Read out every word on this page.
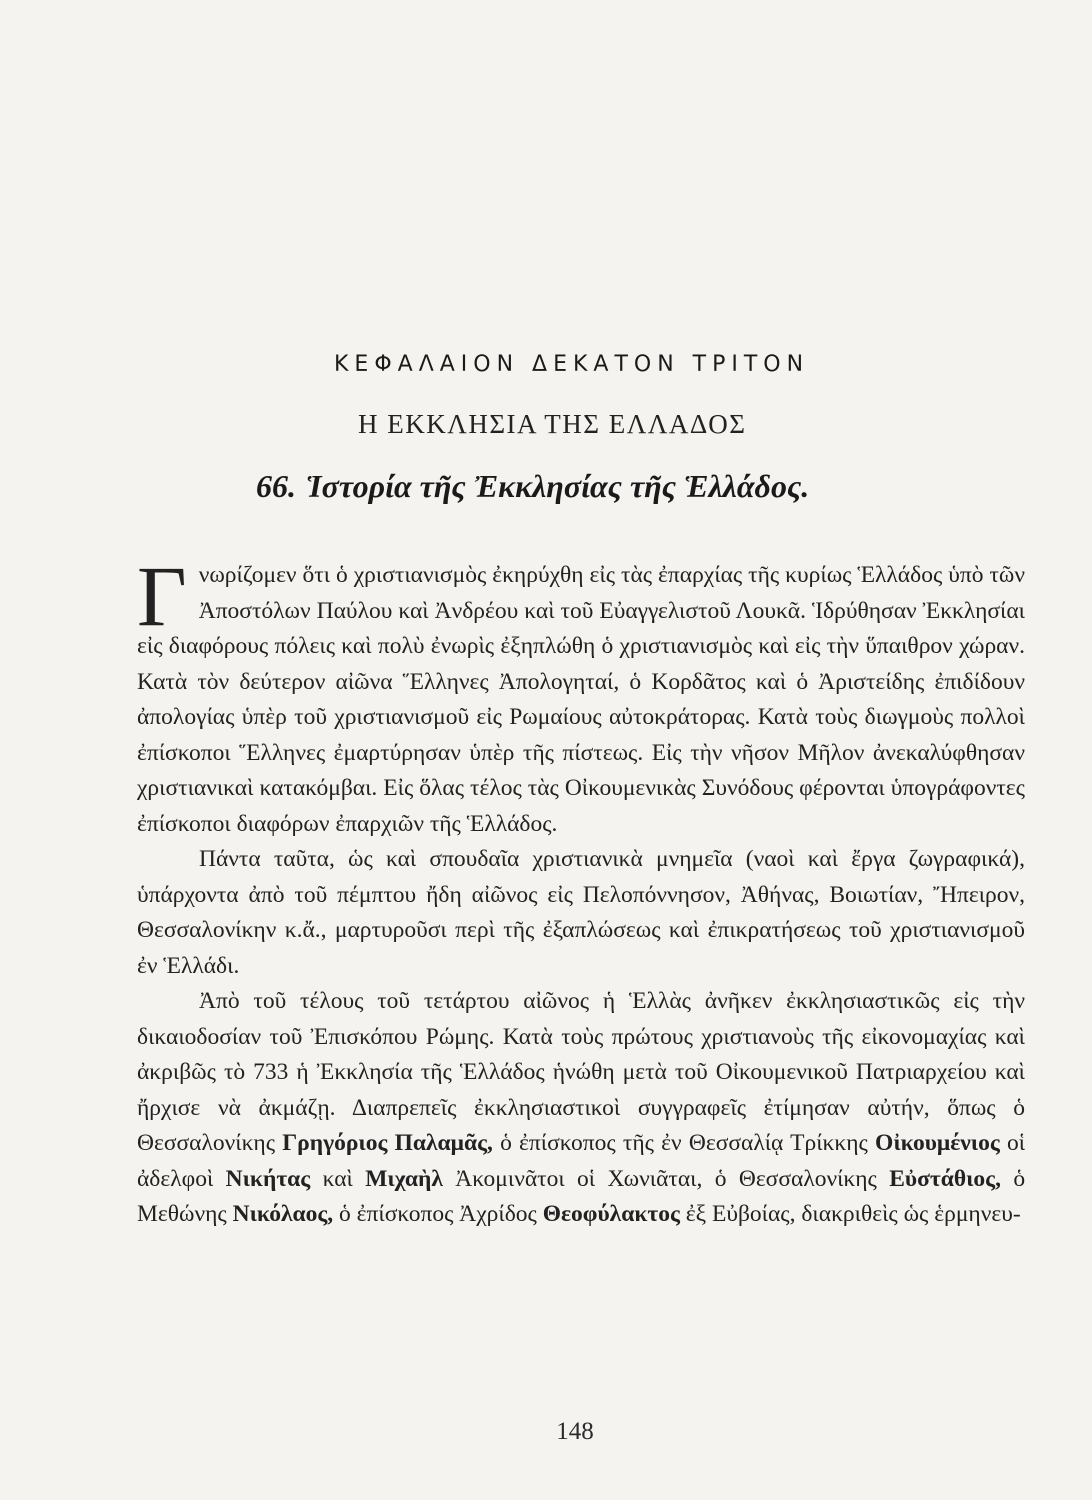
ΚΕΦΑΛΑΙΟΝ ΔΕΚΑΤΟΝ ΤΡΙΤΟΝ
Η ΕΚΚΛΗΣΙΑ ΤΗΣ ΕΛΛΑΔΟΣ
66. Ἱστορία τῆς Ἐκκλησίας τῆς Ἑλλάδος.

Γνωρίζομεν ὅτι ὁ χριστιανισμὸς ἐκηρύχθη εἰς τὰς ἐπαρχίας τῆς κυρίως Ἑλλάδος ὑπὸ τῶν Ἀποστόλων Παύλου καὶ Ἀνδρέου καὶ τοῦ Εὐαγγελιστοῦ Λουκᾶ. Ἱδρύθησαν Ἐκκλησίαι εἰς διαφόρους πόλεις καὶ πολὺ ἐνωρὶς ἐξηπλώθη ὁ χριστιανισμὸς καὶ εἰς τὴν ὕπαιθρον χώραν. Κατὰ τὸν δεύτερον αἰῶνα Ἕλληνες Ἀπολογηταί, ὁ Κορδᾶτος καὶ ὁ Ἀριστείδης ἐπιδίδουν ἀπολογίας ὑπὲρ τοῦ χριστιανισμοῦ εἰς Ρωμαίους αὐτοκράτορας. Κατὰ τοὺς διωγμοὺς πολλοὶ ἐπίσκοποι Ἕλληνες ἐμαρτύρησαν ὑπὲρ τῆς πίστεως. Εἰς τὴν νῆσον Μῆλον ἀνεκαλύφθησαν χριστιανικαὶ κατακόμβαι. Εἰς ὅλας τέλος τὰς Οἰκουμενικὰς Συνόδους φέρονται ὑπογράφοντες ἐπίσκοποι διαφόρων ἐπαρχιῶν τῆς Ἑλλάδος.

Πάντα ταῦτα, ὡς καὶ σπουδαῖα χριστιανικὰ μνημεῖα (ναοὶ καὶ ἔργα ζωγραφικά), ὑπάρχοντα ἀπὸ τοῦ πέμπτου ἤδη αἰῶνος εἰς Πελοπόννησον, Ἀθήνας, Βοιωτίαν, Ἤπειρον, Θεσσαλονίκην κ.ἄ., μαρτυροῦσι περὶ τῆς ἐξαπλώσεως καὶ ἐπικρατήσεως τοῦ χριστιανισμοῦ ἐν Ἑλλάδι.

Ἀπὸ τοῦ τέλους τοῦ τετάρτου αἰῶνος ἡ Ἑλλὰς ἀνῆκεν ἐκκλησιαστικῶς εἰς τὴν δικαιοδοσίαν τοῦ Ἐπισκόπου Ρώμης. Κατὰ τοὺς πρώτους χριστιανοὺς τῆς εἰκονομαχίας καὶ ἀκριβῶς τὸ 733 ἡ Ἐκκλησία τῆς Ἑλλάδος ἡνώθη μετὰ τοῦ Οἰκουμενικοῦ Πατριαρχείου καὶ ἤρχισε νὰ ἀκμάζῃ. Διαπρεπεῖς ἐκκλησιαστικοὶ συγγραφεῖς ἐτίμησαν αὐτήν, ὅπως ὁ Θεσσαλονίκης Γρηγόριος Παλαμᾶς, ὁ ἐπίσκοπος τῆς ἐν Θεσσαλίᾳ Τρίκκης Οἰκουμένιος οἱ ἀδελφοὶ Νικήτας καὶ Μιχαὴλ Ἀκομινᾶτοι οἱ Χωνιᾶται, ὁ Θεσσαλονίκης Εὐστάθιος, ὁ Μεθώνης Νικόλαος, ὁ ἐπίσκοπος Ἀχρίδος Θεοφύλακτος ἐξ Εὐβοίας, διακριθεὶς ὡς ἑρμηνευ-

148
